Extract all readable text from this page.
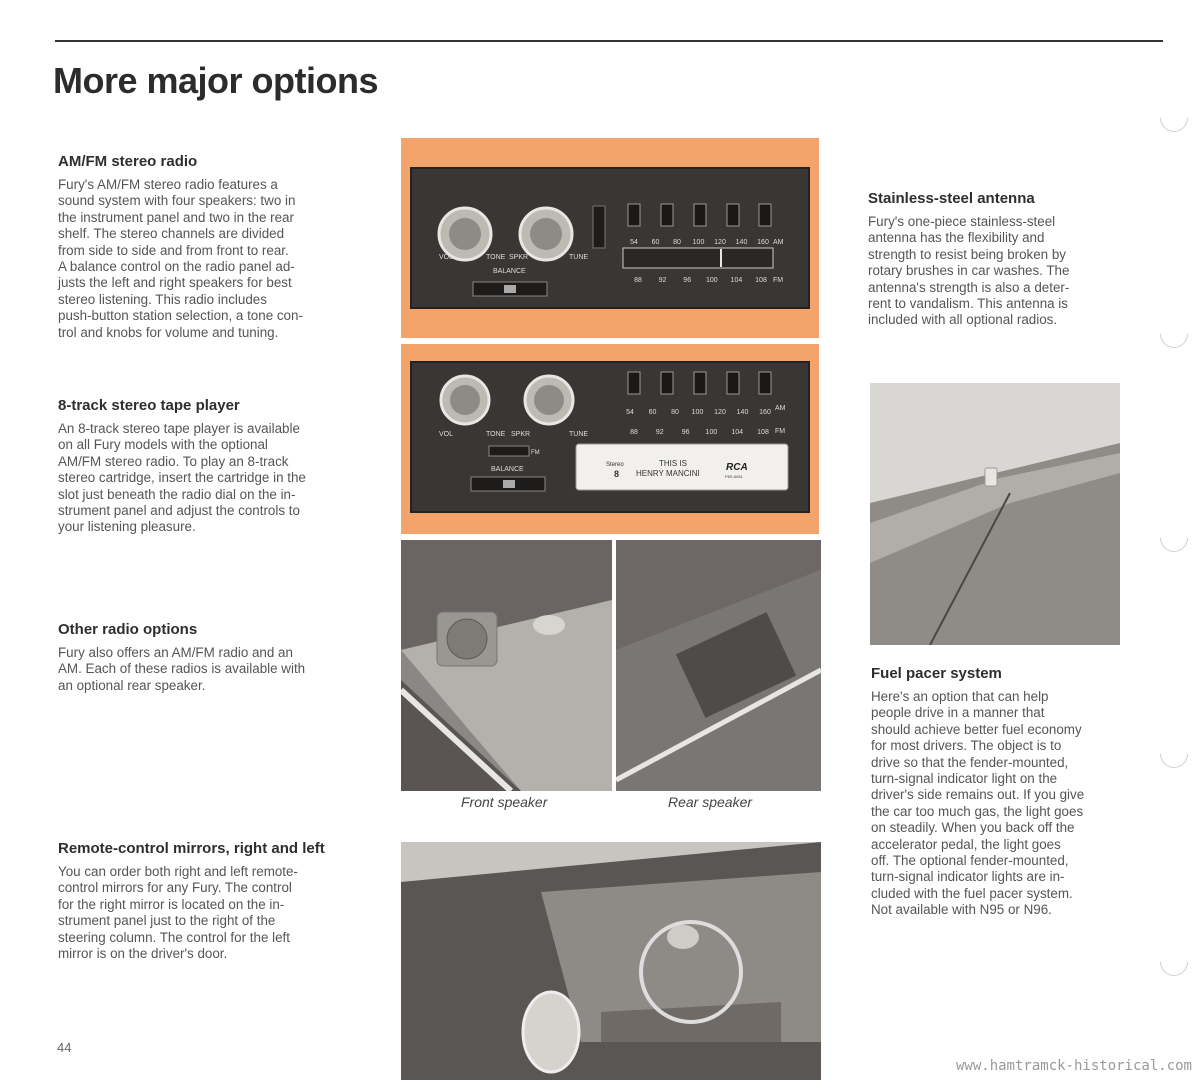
More major options

AM/FM stereo radio

Fury's AM/FM stereo radio features a
sound system with four speakers: two in
the instrument panel and two in the rear
shelf. The stereo channels are divided
from side to side and from front to rear.
A balance control on the radio panel ad-
justs the left and right speakers for best
stereo listening. This radio includes
push-button station selection, a tone con-
trol and knobs for volume and tuning.

8-track stereo tape player

An 8-track stereo tape player is available
on all Fury models with the optional
AM/FM stereo radio. To play an 8-track
stereo cartridge, insert the cartridge in the
slot just beneath the radio dial on the in-
strument panel and adjust the controls to
your listening pleasure.

Other radio options

Fury also offers an AM/FM radio and an
AM. Each of these radios is available with
an optional rear speaker.

Remote-control mirrors, right and left

You can order both right and left remote-
control mirrors for any Fury. The control
for the right mirror is located on the in-
strument panel just to the right of the
steering column. The control for the left
mirror is on the driver's door.

Stainless-steel antenna

Fury's one-piece stainless-steel
antenna has the flexibility and
strength to resist being broken by
rotary brushes in car washes. The
antenna's strength is also a deter-
rent to vandalism. This antenna is
included with all optional radios.

Fuel pacer system

Here's an option that can help
people drive in a manner that
should achieve better fuel economy
for most drivers. The object is to
drive so that the fender-mounted,
turn-signal indicator light on the
driver's side remains out. If you give
the car too much gas, the light goes
on steadily. When you back off the
accelerator pedal, the light goes
off. The optional fender-mounted,
turn-signal indicator lights are in-
cluded with the fuel pacer system.
Not available with N95 or N96.

VOL	TONE SPKR	TUNE
BALANCE
54 60 80 100 120 140 160 AM
88 92 96 100 104 108 FM
VOL	TONE SPKR	TUNE
FM
BALANCE
54 60 80 100 120 140 160
AM
88	92	96 100 104 108 FM
Stereo
8
THIS IS
HENRY MANCINI
RCA
P8S-5081
Front speaker	Rear speaker
44
www.hamtramck-historical.com
